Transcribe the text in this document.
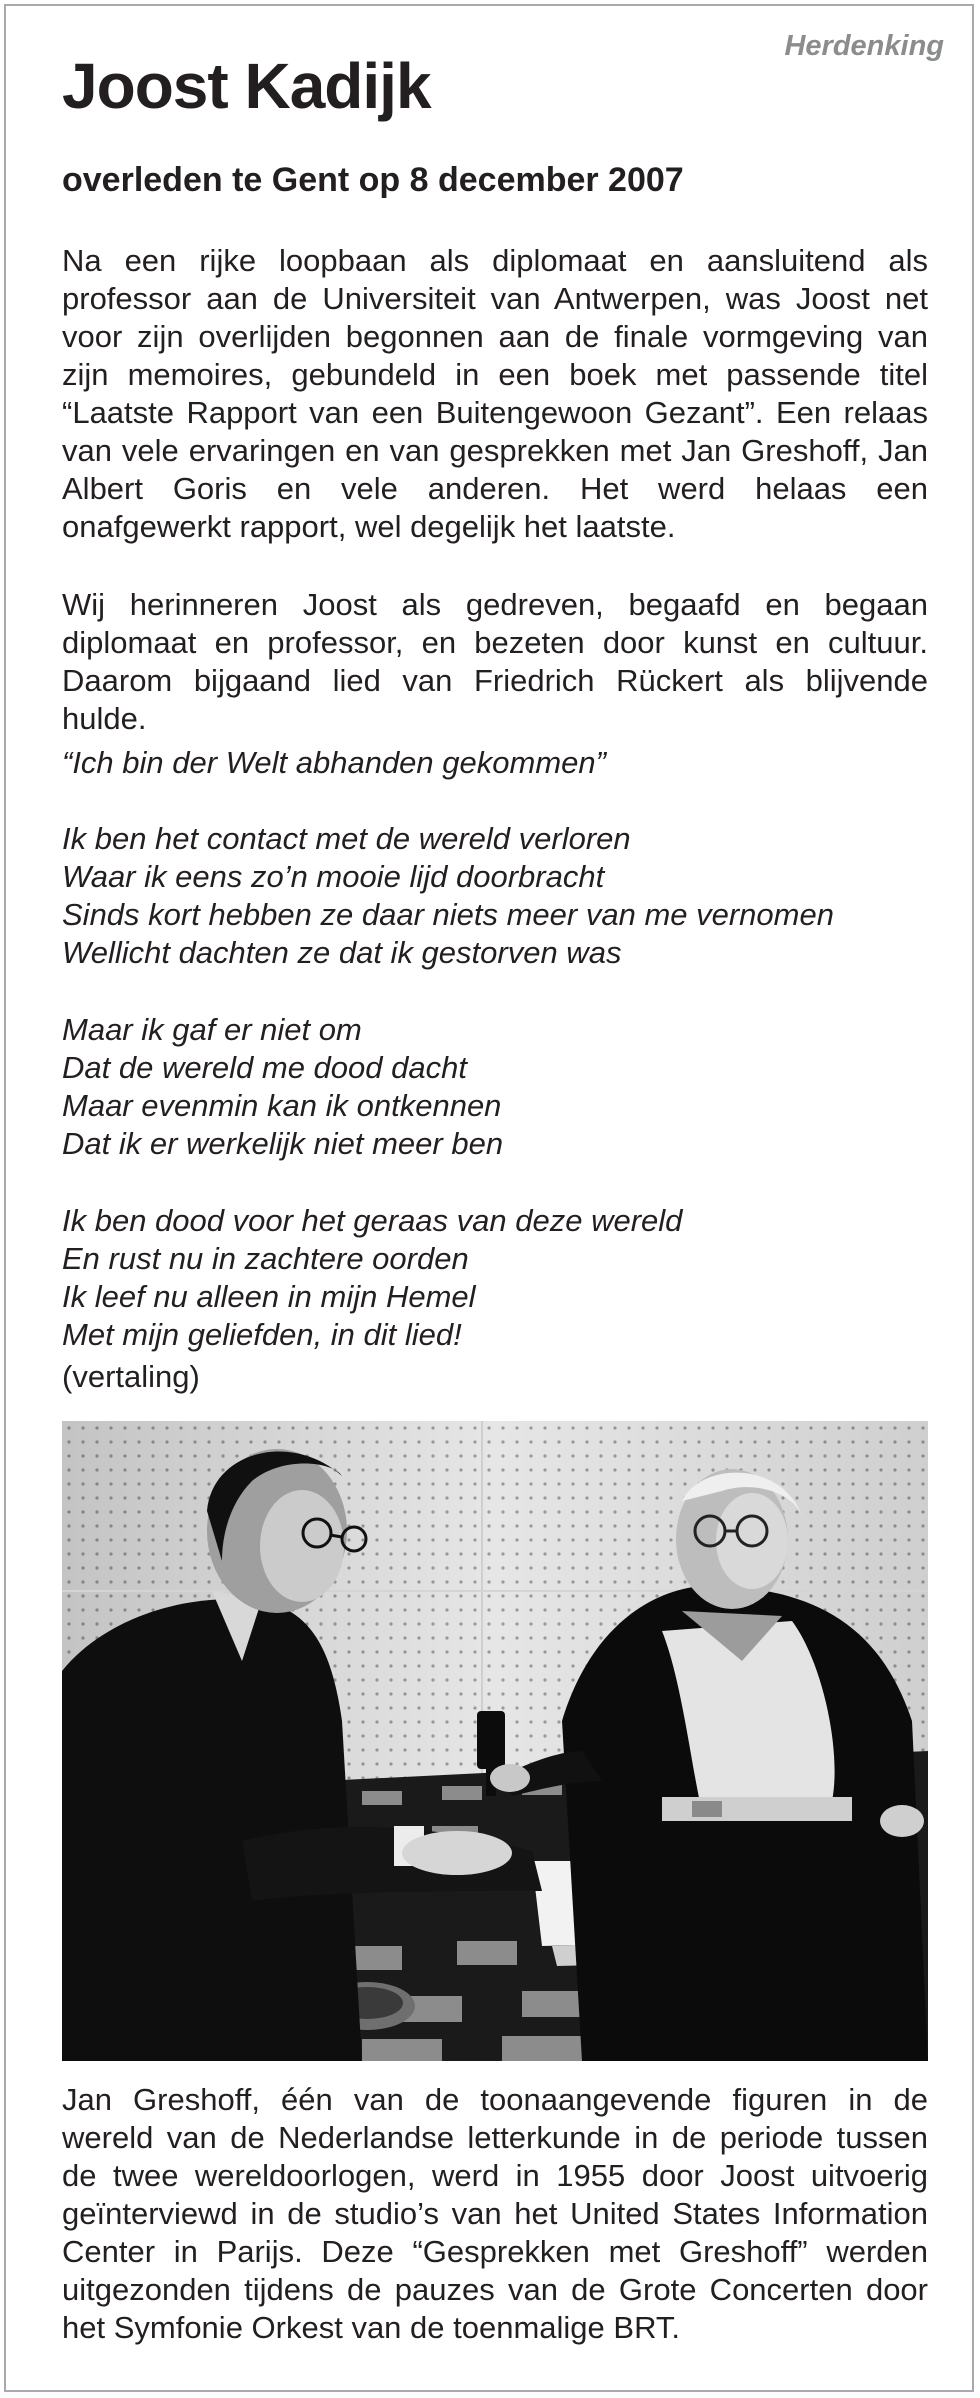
Herdenking
Joost Kadijk
overleden te Gent op 8 december 2007

Na een rijke loopbaan als diplomaat en aansluitend als professor aan de Universiteit van Antwerpen, was Joost net voor zijn overlijden begonnen aan de finale vormgeving van zijn memoires, gebundeld in een boek met passende titel “Laatste Rapport van een Buitengewoon Gezant”. Een relaas van vele ervaringen en van gesprekken met Jan Greshoff, Jan Albert Goris en vele anderen. Het werd helaas een onafgewerkt rapport, wel degelijk het laatste.

Wij herinneren Joost als gedreven, begaafd en begaan diplomaat en professor, en bezeten door kunst en cultuur. Daarom bijgaand lied van Friedrich Rückert als blijvende hulde.

“Ich bin der Welt abhanden gekommen”

Ik ben het contact met de wereld verloren
Waar ik eens zo’n mooie lijd doorbracht
Sinds kort hebben ze daar niets meer van me vernomen
Wellicht dachten ze dat ik gestorven was

Maar ik gaf er niet om
Dat de wereld me dood dacht
Maar evenmin kan ik ontkennen
Dat ik er werkelijk niet meer ben

Ik ben dood voor het geraas van deze wereld
En rust nu in zachtere oorden
Ik leef nu alleen in mijn Hemel
Met mijn geliefden, in dit lied!

(vertaling)

Jan Greshoff, één van de toonaangevende figuren in de wereld van de Nederlandse letterkunde in de periode tussen de twee wereldoorlogen, werd in 1955 door Joost uitvoerig geïnterviewd in de studio’s van het United States Information Center in Parijs. Deze “Gesprekken met Greshoff” werden uitgezonden tijdens de pauzes van de Grote Concerten door het Symfonie Orkest van de toenmalige BRT.
